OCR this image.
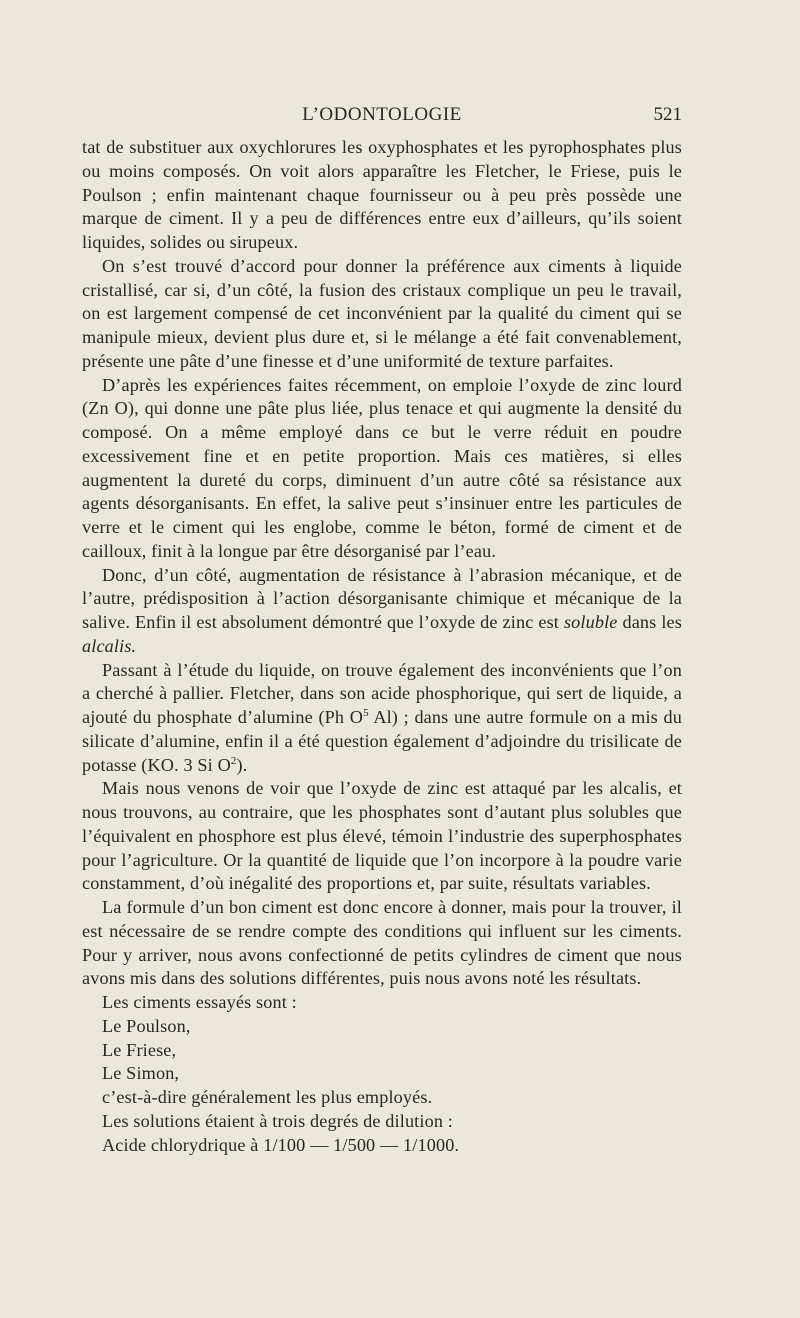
L’ODONTOLOGIE	521

tat de substituer aux oxychlorures les oxyphosphates et les pyrophosphates plus ou moins composés. On voit alors apparaître les Fletcher, le Friese, puis le Poulson ; enfin maintenant chaque fournisseur ou à peu près possède une marque de ciment. Il y a peu de différences entre eux d’ailleurs, qu’ils soient liquides, solides ou sirupeux.

On s’est trouvé d’accord pour donner la préférence aux ciments à liquide cristallisé, car si, d’un côté, la fusion des cristaux complique un peu le travail, on est largement compensé de cet inconvénient par la qualité du ciment qui se manipule mieux, devient plus dure et, si le mélange a été fait convenablement, présente une pâte d’une finesse et d’une uniformité de texture parfaites.

D’après les expériences faites récemment, on emploie l’oxyde de zinc lourd (Zn O), qui donne une pâte plus liée, plus tenace et qui augmente la densité du composé. On a même employé dans ce but le verre réduit en poudre excessivement fine et en petite proportion. Mais ces matières, si elles augmentent la dureté du corps, diminuent d’un autre côté sa résistance aux agents désorganisants. En effet, la salive peut s’insinuer entre les particules de verre et le ciment qui les englobe, comme le béton, formé de ciment et de cailloux, finit à la longue par être désorganisé par l’eau.

Donc, d’un côté, augmentation de résistance à l’abrasion mécanique, et de l’autre, prédisposition à l’action désorganisante chimique et mécanique de la salive. Enfin il est absolument démontré que l’oxyde de zinc est soluble dans les alcalis.

Passant à l’étude du liquide, on trouve également des inconvénients que l’on a cherché à pallier. Fletcher, dans son acide phosphorique, qui sert de liquide, a ajouté du phosphate d’alumine (Ph $O^5$ Al) ; dans une autre formule on a mis du silicate d’alumine, enfin il a été question également d’adjoindre du trisilicate de potasse (KO. 3 Si $O^2$).

Mais nous venons de voir que l’oxyde de zinc est attaqué par les alcalis, et nous trouvons, au contraire, que les phosphates sont d’autant plus solubles que l’équivalent en phosphore est plus élevé, témoin l’industrie des superphosphates pour l’agriculture. Or la quantité de liquide que l’on incorpore à la poudre varie constamment, d’où inégalité des proportions et, par suite, résultats variables.

La formule d’un bon ciment est donc encore à donner, mais pour la trouver, il est nécessaire de se rendre compte des conditions qui influent sur les ciments. Pour y arriver, nous avons confectionné de petits cylindres de ciment que nous avons mis dans des solutions différentes, puis nous avons noté les résultats.

Les ciments essayés sont :

Le Poulson,

Le Friese,

Le Simon,

c’est-à-dire généralement les plus employés.

Les solutions étaient à trois degrés de dilution :

Acide chlorydrique à 1/100 — 1/500 — 1/1000.
